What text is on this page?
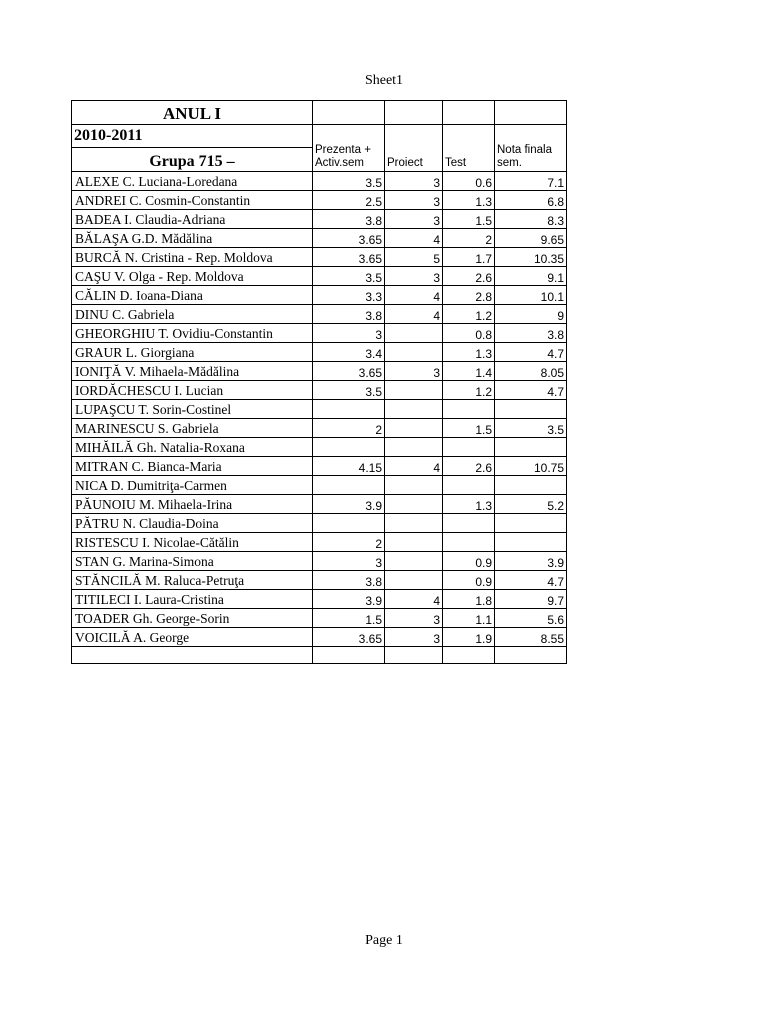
Sheet1
ANUL I				
2010-2011	Prezenta + Activ.sem	Proiect	Test	Nota finala sem.
Grupa 715 –				
ALEXE C. Luciana-Loredana	3.5	3	0.6	7.1
ANDREI C. Cosmin-Constantin	2.5	3	1.3	6.8
BADEA I. Claudia-Adriana	3.8	3	1.5	8.3
BĂLAŞA G.D. Mădălina	3.65	4	2	9.65
BURCĂ N. Cristina - Rep. Moldova	3.65	5	1.7	10.35
CAŞU V. Olga - Rep. Moldova	3.5	3	2.6	9.1
CĂLIN D. Ioana-Diana	3.3	4	2.8	10.1
DINU C. Gabriela	3.8	4	1.2	9
GHEORGHIU T. Ovidiu-Constantin	3		0.8	3.8
GRAUR L. Giorgiana	3.4		1.3	4.7
IONIŢĂ V. Mihaela-Mădălina	3.65	3	1.4	8.05
IORDĂCHESCU I. Lucian	3.5		1.2	4.7
LUPAŞCU T. Sorin-Costinel				
MARINESCU S. Gabriela	2		1.5	3.5
MIHĂILĂ Gh. Natalia-Roxana				
MITRAN C. Bianca-Maria	4.15	4	2.6	10.75
NICA D. Dumitriţa-Carmen				
PĂUNOIU M. Mihaela-Irina	3.9		1.3	5.2
PĂTRU N. Claudia-Doina				
RISTESCU I. Nicolae-Cătălin	2			
STAN G. Marina-Simona	3		0.9	3.9
STĂNCILĂ M. Raluca-Petruţa	3.8		0.9	4.7
TITILECI I. Laura-Cristina	3.9	4	1.8	9.7
TOADER Gh. George-Sorin	1.5	3	1.1	5.6
VOICILĂ A. George	3.65	3	1.9	8.55

Page 1
